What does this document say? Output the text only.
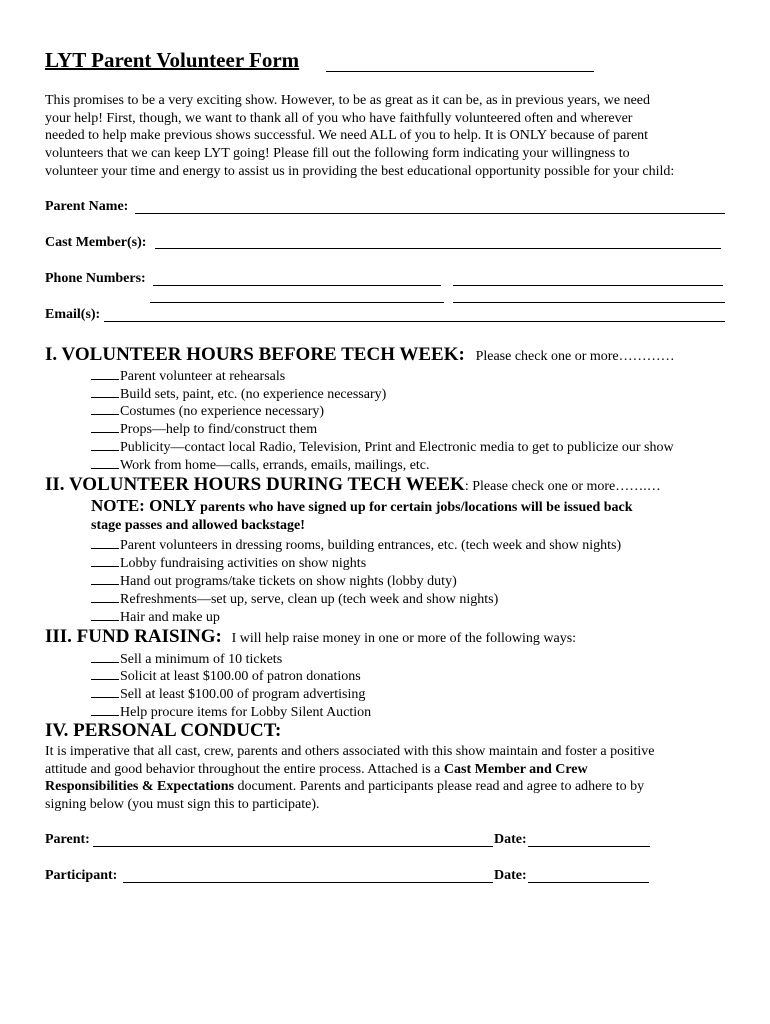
LYT Parent Volunteer Form
This promises to be a very exciting show. However, to be as great as it can be, as in previous years, we need
your help! First, though, we want to thank all of you who have faithfully volunteered often and wherever
needed to help make previous shows successful. We need ALL of you to help. It is ONLY because of parent
volunteers that we can keep LYT going! Please fill out the following form indicating your willingness to
volunteer your time and energy to assist us in providing the best educational opportunity possible for your child:
Parent Name:
Cast Member(s):
Phone Numbers:
Email(s):
I. VOLUNTEER HOURS BEFORE TECH WEEK: Please check one or more…………
Parent volunteer at rehearsals
Build sets, paint, etc. (no experience necessary)
Costumes (no experience necessary)
Props—help to find/construct them
Publicity—contact local Radio, Television, Print and Electronic media to get to publicize our show
Work from home—calls, errands, emails, mailings, etc.
II. VOLUNTEER HOURS DURING TECH WEEK: Please check one or more…….…
NOTE: ONLY parents who have signed up for certain jobs/locations will be issued back
stage passes and allowed backstage!
Parent volunteers in dressing rooms, building entrances, etc. (tech week and show nights)
Lobby fundraising activities on show nights
Hand out programs/take tickets on show nights (lobby duty)
Refreshments—set up, serve, clean up (tech week and show nights)
Hair and make up
III. FUND RAISING: I will help raise money in one or more of the following ways:
Sell a minimum of 10 tickets
Solicit at least $100.00 of patron donations
Sell at least $100.00 of program advertising
Help procure items for Lobby Silent Auction
IV. PERSONAL CONDUCT:
It is imperative that all cast, crew, parents and others associated with this show maintain and foster a positive
attitude and good behavior throughout the entire process. Attached is a Cast Member and Crew
Responsibilities & Expectations document. Parents and participants please read and agree to adhere to by
signing below (you must sign this to participate).
Parent:	Date:
Participant:	Date:
